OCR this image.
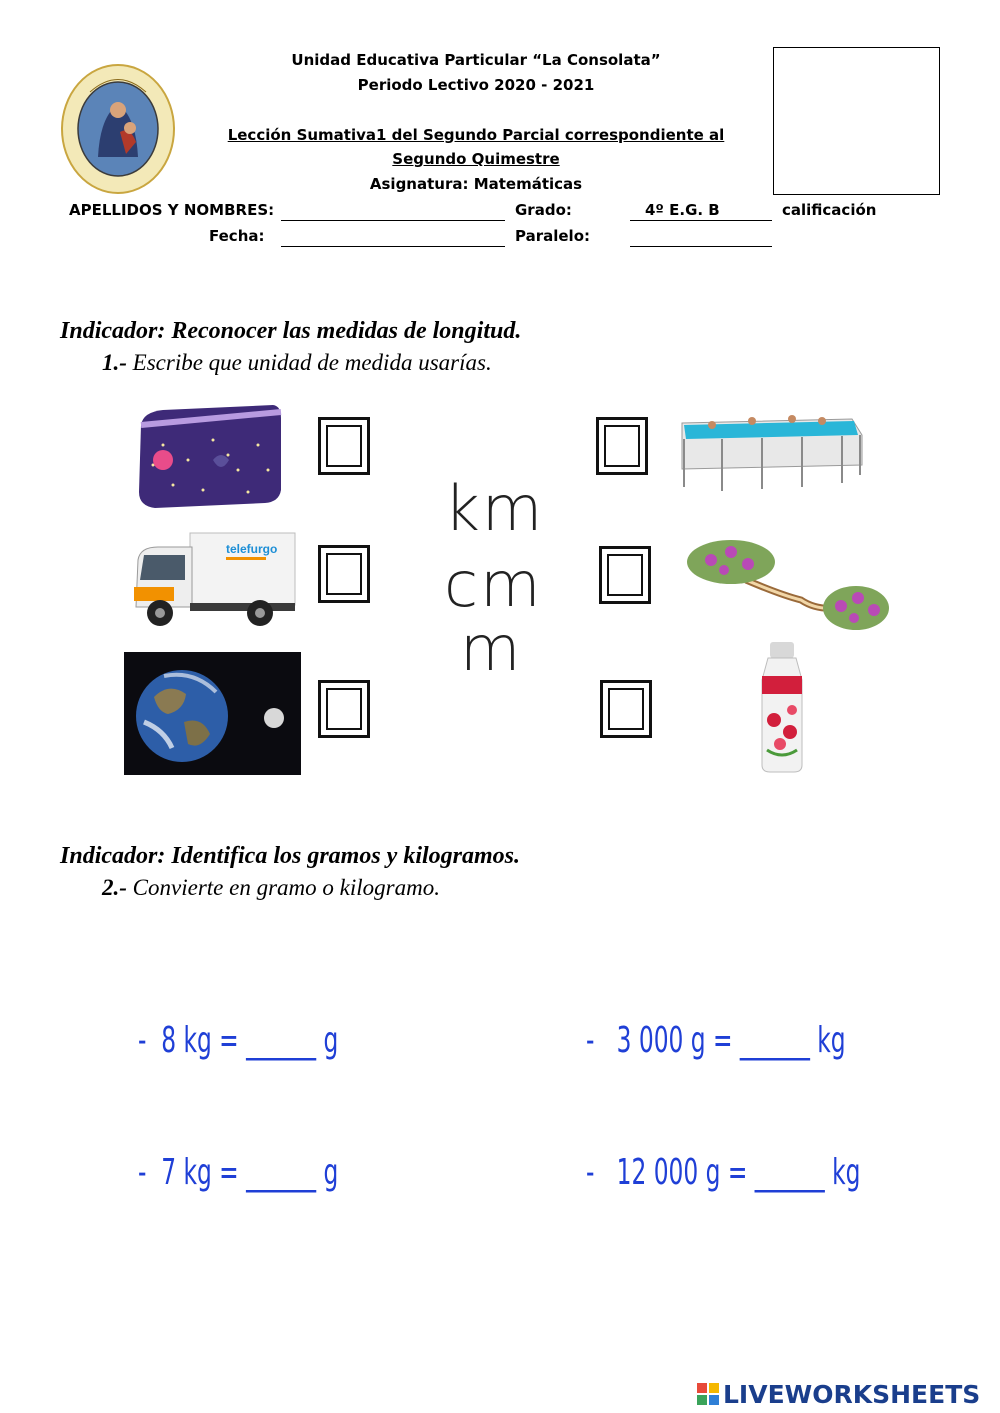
Unidad Educativa Particular “La Consolata”
Periodo Lectivo 2020 - 2021
Lección Sumativa1 del Segundo Parcial correspondiente al
Segundo Quimestre
Asignatura: Matemáticas
APELLIDOS Y NOMBRES:	Grado:	4º E.G. B	calificación
Fecha:	Paralelo:
Indicador: Reconocer las medidas de longitud.
1.- Escribe que unidad de medida usarías.
telefurgo
km
cm
m
Indicador: Identifica los gramos y kilogramos.
2.- Convierte en gramo o kilogramo.
-  8 kg = ______ g	-   3 000 g = ______ kg
-  7 kg = ______ g	-   12 000 g = ______ kg
LIVEWORKSHEETS
